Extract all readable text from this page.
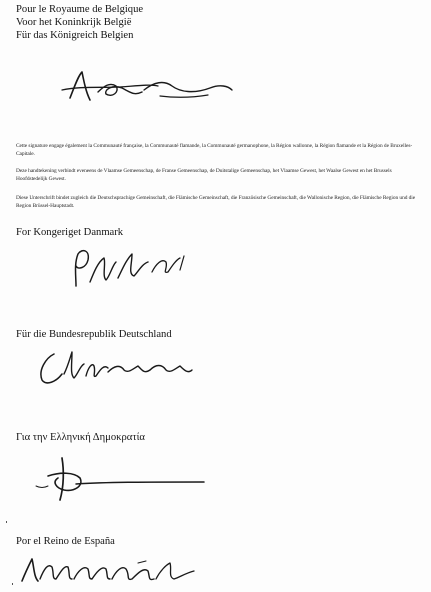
Pour le Royaume de Belgique
Voor het Koninkrijk België
Für das Königreich Belgien
Cette signature engage également la Communauté française, la Communauté flamande, la Communauté germanophone, la Région wallonne, la Région flamande et la Région de Bruxelles-Capitale.
Deze handtekening verbindt eveneens de Vlaamse Gemeenschap, de Franse Gemeenschap, de Duitstalige Gemeenschap, het Vlaamse Gewest, het Waalse Gewest en het Brussels Hoofdstedelijk Gewest.
Diese Unterschrift bindet zugleich die Deutschsprachige Gemeinschaft, die Flämische Gemeinschaft, die Französische Gemeinschaft, die Wallonische Region, die Flämische Region und die Region Brüssel-Hauptstadt.
For Kongeriget Danmark
Für die Bundesrepublik Deutschland
Για την Ελληνική Δημοκρατία
Por el Reino de España
